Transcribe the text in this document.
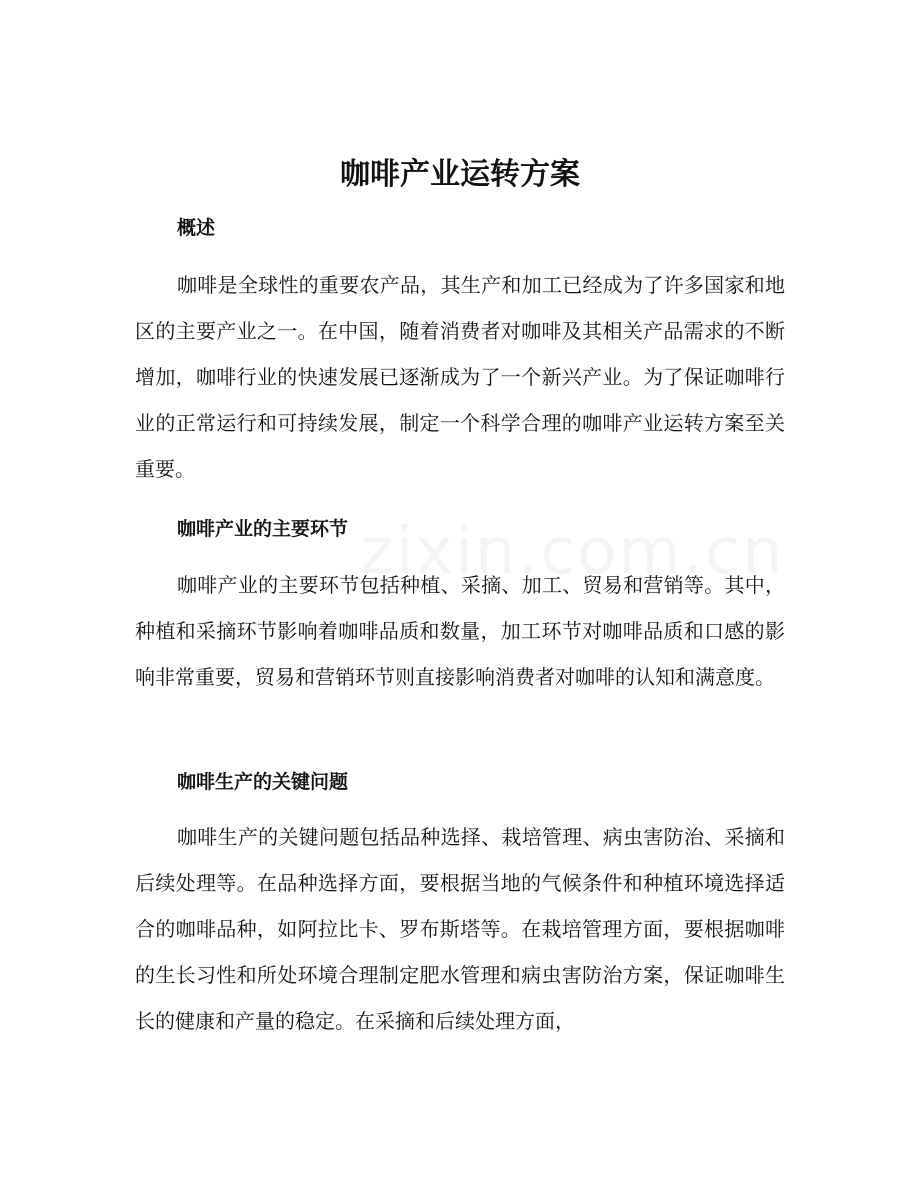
咖啡产业运转方案
概述

咖啡是全球性的重要农产品，其生产和加工已经成为了许多国家和地区的主要产业之一。在中国，随着消费者对咖啡及其相关产品需求的不断增加，咖啡行业的快速发展已逐渐成为了一个新兴产业。为了保证咖啡行业的正常运行和可持续发展，制定一个科学合理的咖啡产业运转方案至关重要。

咖啡产业的主要环节

咖啡产业的主要环节包括种植、采摘、加工、贸易和营销等。其中，种植和采摘环节影响着咖啡品质和数量，加工环节对咖啡品质和口感的影响非常重要，贸易和营销环节则直接影响消费者对咖啡的认知和满意度。

咖啡生产的关键问题

咖啡生产的关键问题包括品种选择、栽培管理、病虫害防治、采摘和后续处理等。在品种选择方面，要根据当地的气候条件和种植环境选择适合的咖啡品种，如阿拉比卡、罗布斯塔等。在栽培管理方面，要根据咖啡的生长习性和所处环境合理制定肥水管理和病虫害防治方案，保证咖啡生长的健康和产量的稳定。在采摘和后续处理方面，
